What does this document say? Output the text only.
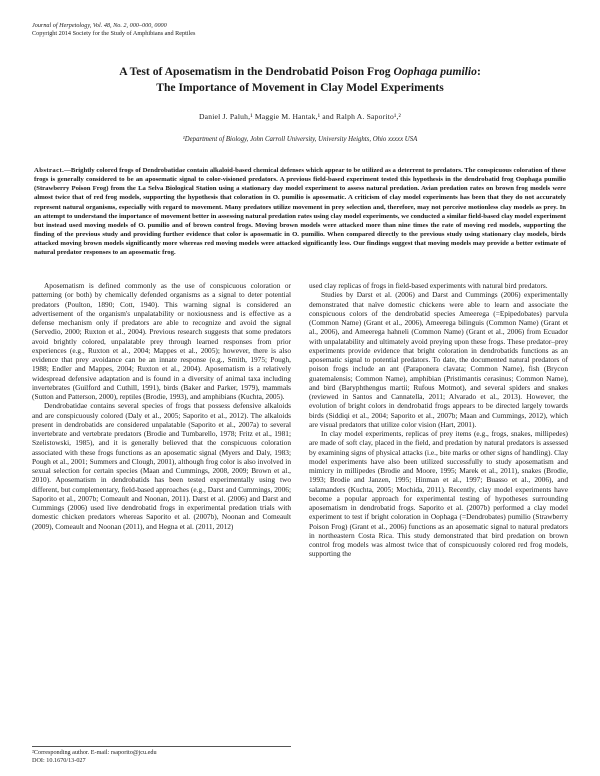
Journal of Herpetology, Vol. 48, No. 2, 000–000, 0000
Copyright 2014 Society for the Study of Amphibians and Reptiles
A Test of Aposematism in the Dendrobatid Poison Frog Oophaga pumilio:
The Importance of Movement in Clay Model Experiments
Daniel J. Paluh,¹ Maggie M. Hantak,¹ and Ralph A. Saporito¹,²
¹Department of Biology, John Carroll University, University Heights, Ohio xxxxx USA

Abstract.—Brightly colored frogs of Dendrobatidae contain alkaloid-based chemical defenses which appear to be utilized as a deterrent to predators. The conspicuous coloration of these frogs is generally considered to be an aposematic signal to color-visioned predators. A previous field-based experiment tested this hypothesis in the dendrobatid frog Oophaga pumilio (Strawberry Poison Frog) from the La Selva Biological Station using a stationary day model experiment to assess natural predation. Avian predation rates on brown frog models were almost twice that of red frog models, supporting the hypothesis that coloration in O. pumilio is aposematic. A criticism of clay model experiments has been that they do not accurately represent natural organisms, especially with regard to movement. Many predators utilize movement in prey selection and, therefore, may not perceive motionless clay models as prey. In an attempt to understand the importance of movement better in assessing natural predation rates using clay model experiments, we conducted a similar field-based clay model experiment but instead used moving models of O. pumilio and of brown control frogs. Moving brown models were attacked more than nine times the rate of moving red models, supporting the finding of the previous study and providing further evidence that color is aposematic in O. pumilio. When compared directly to the previous study using stationary clay models, birds attacked moving brown models significantly more whereas red moving models were attacked significantly less. Our findings suggest that moving models may provide a better estimate of natural predator responses to an aposematic frog.

Aposematism is defined commonly as the use of conspicuous coloration or patterning (or both) by chemically defended organisms as a signal to deter potential predators (Poulton, 1890; Cott, 1940). This warning signal is considered an advertisement of the organism's unpalatability or noxiousness and is effective as a defense mechanism only if predators are able to recognize and avoid the signal (Servedio, 2000; Ruxton et al., 2004). Previous research suggests that some predators avoid brightly colored, unpalatable prey through learned responses from prior experiences (e.g., Ruxton et al., 2004; Mappes et al., 2005); however, there is also evidence that prey avoidance can be an innate response (e.g., Smith, 1975; Pough, 1988; Endler and Mappes, 2004; Ruxton et al., 2004). Aposematism is a relatively widespread defensive adaptation and is found in a diversity of animal taxa including invertebrates (Guilford and Cuthill, 1991), birds (Baker and Parker, 1979), mammals (Sutton and Patterson, 2000), reptiles (Brodie, 1993), and amphibians (Kuchta, 2005).

Dendrobatidae contains several species of frogs that possess defensive alkaloids and are conspicuously colored (Daly et al., 2005; Saporito et al., 2012). The alkaloids present in dendrobatids are considered unpalatable (Saporito et al., 2007a) to several invertebrate and vertebrate predators (Brodie and Tumbarello, 1978; Fritz et al., 1981; Szelistowski, 1985), and it is generally believed that the conspicuous coloration associated with these frogs functions as an aposematic signal (Myers and Daly, 1983; Pough et al., 2001; Summers and Clough, 2001), although frog color is also involved in sexual selection for certain species (Maan and Cummings, 2008, 2009; Brown et al., 2010). Aposematism in dendrobatids has been tested experimentally using two different, but complementary, field-based approaches (e.g., Darst and Cummings, 2006; Saporito et al., 2007b; Comeault and Noonan, 2011). Darst et al. (2006) and Darst and Cummings (2006) used live dendrobatid frogs in experimental predation trials with domestic chicken predators whereas Saporito et al. (2007b), Noonan and Comeault (2009), Comeault and Noonan (2011), and Hegna et al. (2011, 2012)

used clay replicas of frogs in field-based experiments with natural bird predators.

Studies by Darst et al. (2006) and Darst and Cummings (2006) experimentally demonstrated that naïve domestic chickens were able to learn and associate the conspicuous colors of the dendrobatid species Ameerega (=Epipedobates) parvula (Common Name) (Grant et al., 2006), Ameerega bilinguis (Common Name) (Grant et al., 2006), and Ameerega hahneli (Common Name) (Grant et al., 2006) from Ecuador with unpalatability and ultimately avoid preying upon these frogs. These predator–prey experiments provide evidence that bright coloration in dendrobatids functions as an aposematic signal to potential predators. To date, the documented natural predators of poison frogs include an ant (Paraponera clavata; Common Name), fish (Brycon guatemalensis; Common Name), amphibian (Pristimantis cerasinus; Common Name), and bird (Baryphthengus martii; Rufous Motmot), and several spiders and snakes (reviewed in Santos and Cannatella, 2011; Alvarado et al., 2013). However, the evolution of bright colors in dendrobatid frogs appears to be directed largely towards birds (Siddiqi et al., 2004; Saporito et al., 2007b; Maan and Cummings, 2012), which are visual predators that utilize color vision (Hart, 2001).

In clay model experiments, replicas of prey items (e.g., frogs, snakes, millipedes) are made of soft clay, placed in the field, and predation by natural predators is assessed by examining signs of physical attacks (i.e., bite marks or other signs of handling). Clay model experiments have also been utilized successfully to study aposematism and mimicry in millipedes (Brodie and Moore, 1995; Marek et al., 2011), snakes (Brodie, 1993; Brodie and Janzen, 1995; Hinman et al., 1997; Buasso et al., 2006), and salamanders (Kuchta, 2005; Mochida, 2011). Recently, clay model experiments have become a popular approach for experimental testing of hypotheses surrounding aposematism in dendrobatid frogs. Saporito et al. (2007b) performed a clay model experiment to test if bright coloration in Oophaga (=Dendrobates) pumilio (Strawberry Poison Frog) (Grant et al., 2006) functions as an aposematic signal to natural predators in northeastern Costa Rica. This study demonstrated that bird predation on brown control frog models was almost twice that of conspicuously colored red frog models, supporting the

²Corresponding author. E-mail: rsaporito@jcu.edu
DOI: 10.1670/13-027
